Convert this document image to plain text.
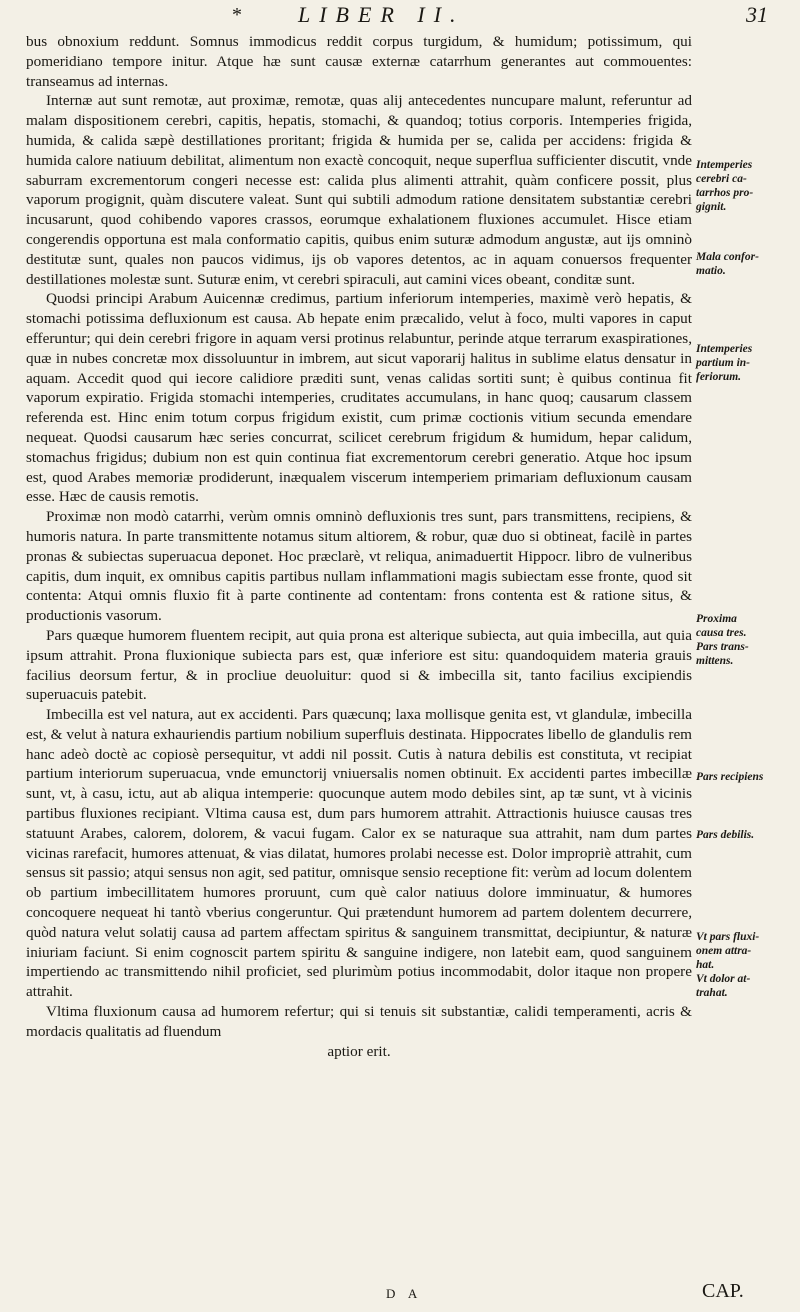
*	LIBER II.	31

bus obnoxium reddunt. Somnus immodicus reddit corpus turgidum, & humidum; potissimum, qui pomeridiano tempore initur. Atque hæ sunt causæ externæ catarrhum generantes aut commouentes: transeamus ad internas.

Internæ aut sunt remotæ, aut proximæ, remotæ, quas alij antecedentes nuncupare malunt, referuntur ad malam dispositionem cerebri, capitis, hepatis, stomachi, & quandoq; totius corporis. Intemperies frigida, humida, & calida sæpè destillationes proritant; frigida & humida per se, calida per accidens: frigida & humida calore natiuum debilitat, alimentum non exactè concoquit, neque superflua sufficienter discutit, vnde saburram excrementorum congeri necesse est: calida plus alimenti attrahit, quàm conficere possit, plus vaporum progignit, quàm discutere valeat. Sunt qui subtili admodum ratione densitatem substantiæ cerebri incusarunt, quod cohibendo vapores crassos, eorumque exhalationem fluxiones accumulet. Hisce etiam congerendis opportuna est mala conformatio capitis, quibus enim suturæ admodum angustæ, aut ijs omninò destitutæ sunt, quales non paucos vidimus, ijs ob vapores detentos, ac in aquam conuersos frequenter destillationes molestæ sunt. Suturæ enim, vt cerebri spiraculi, aut camini vices obeant, conditæ sunt.

Quodsi principi Arabum Auicennæ credimus, partium inferiorum intemperies, maximè verò hepatis, & stomachi potissima defluxionum est causa. Ab hepate enim præcalido, velut à foco, multi vapores in caput efferuntur; qui dein cerebri frigore in aquam versi protinus relabuntur, perinde atque terrarum exaspirationes, quæ in nubes concretæ mox dissoluuntur in imbrem, aut sicut vaporarij halitus in sublime elatus densatur in aquam. Accedit quod qui iecore calidiore præditi sunt, venas calidas sortiti sunt; è quibus continua fit vaporum expiratio. Frigida stomachi intemperies, cruditates accumulans, in hanc quoq; causarum classem referenda est. Hinc enim totum corpus frigidum existit, cum primæ coctionis vitium secunda emendare nequeat. Quodsi causarum hæc series concurrat, scilicet cerebrum frigidum & humidum, hepar calidum, stomachus frigidus; dubium non est quin continua fiat excrementorum cerebri generatio. Atque hoc ipsum est, quod Arabes memoriæ prodiderunt, inæqualem viscerum intemperiem primariam defluxionum causam esse. Hæc de causis remotis.

Proximæ non modò catarrhi, verùm omnis omninò defluxionis tres sunt, pars transmittens, recipiens, & humoris natura. In parte transmittente notamus situm altiorem, & robur, quæ duo si obtineat, facilè in partes pronas & subiectas superuacua deponet. Hoc præclarè, vt reliqua, animaduertit Hippocr. libro de vulneribus capitis, dum inquit, ex omnibus capitis partibus nullam inflammationi magis subiectam esse fronte, quod sit contenta: Atqui omnis fluxio fit à parte continente ad contentam: frons contenta est & ratione situs, & productionis vasorum.

Pars quæque humorem fluentem recipit, aut quia prona est alterique subiecta, aut quia imbecilla, aut quia ipsum attrahit. Prona fluxionique subiecta pars est, quæ inferiore est situ: quandoquidem materia grauis facilius deorsum fertur, & in procliue deuoluitur: quod si & imbecilla sit, tanto facilius excipiendis superuacuis patebit.

Imbecilla est vel natura, aut ex accidenti. Pars quæcunq; laxa mollisque genita est, vt glandulæ, imbecilla est, & velut à natura exhauriendis partium nobilium superfluis destinata. Hippocrates libello de glandulis rem hanc adeò doctè ac copiosè persequitur, vt addi nil possit. Cutis à natura debilis est constituta, vt recipiat partium interiorum superuacua, vnde emunctorij vniuersalis nomen obtinuit. Ex accidenti partes imbecillæ sunt, vt, à casu, ictu, aut ab aliqua intemperie: quocunque autem modo debiles sint, ap tæ sunt, vt à vicinis partibus fluxiones recipiant. Vltima causa est, dum pars humorem attrahit. Attractionis huiusce causas tres statuunt Arabes, calorem, dolorem, & vacui fugam. Calor ex se naturaque sua attrahit, nam dum partes vicinas rarefacit, humores attenuat, & vias dilatat, humores prolabi necesse est. Dolor impropriè attrahit, cum sensus sit passio; atqui sensus non agit, sed patitur, omnisque sensio receptione fit: verùm ad locum dolentem ob partium imbecillitatem humores proruunt, cum què calor natiuus dolore imminuatur, & humores concoquere nequeat hi tantò vberius congeruntur. Qui prætendunt humorem ad partem dolentem decurrere, quòd natura velut solatij causa ad partem affectam spiritus & sanguinem transmittat, decipiuntur, & naturæ iniuriam faciunt. Si enim cognoscit partem spiritu & sanguine indigere, non latebit eam, quod sanguinem impertiendo ac transmittendo nihil proficiet, sed plurimùm potius incommodabit, dolor itaque non propere attrahit.

Vltima fluxionum causa ad humorem refertur; qui si tenuis sit substantiæ, calidi temperamenti, acris & mordacis qualitatis ad fluendum

aptior erit.

Intemperies
cerebri ca-
tarrhos pro-
gignit.
Mala confor-
matio.
Intemperies
partium in-
feriorum.
Proxima
causa tres.
Pars trans-
mittens.
Pars recipiens
Pars debilis.
Vt pars fluxi-
onem attra-
hat.
Vt dolor at-
trahat.
D A	CAP.
